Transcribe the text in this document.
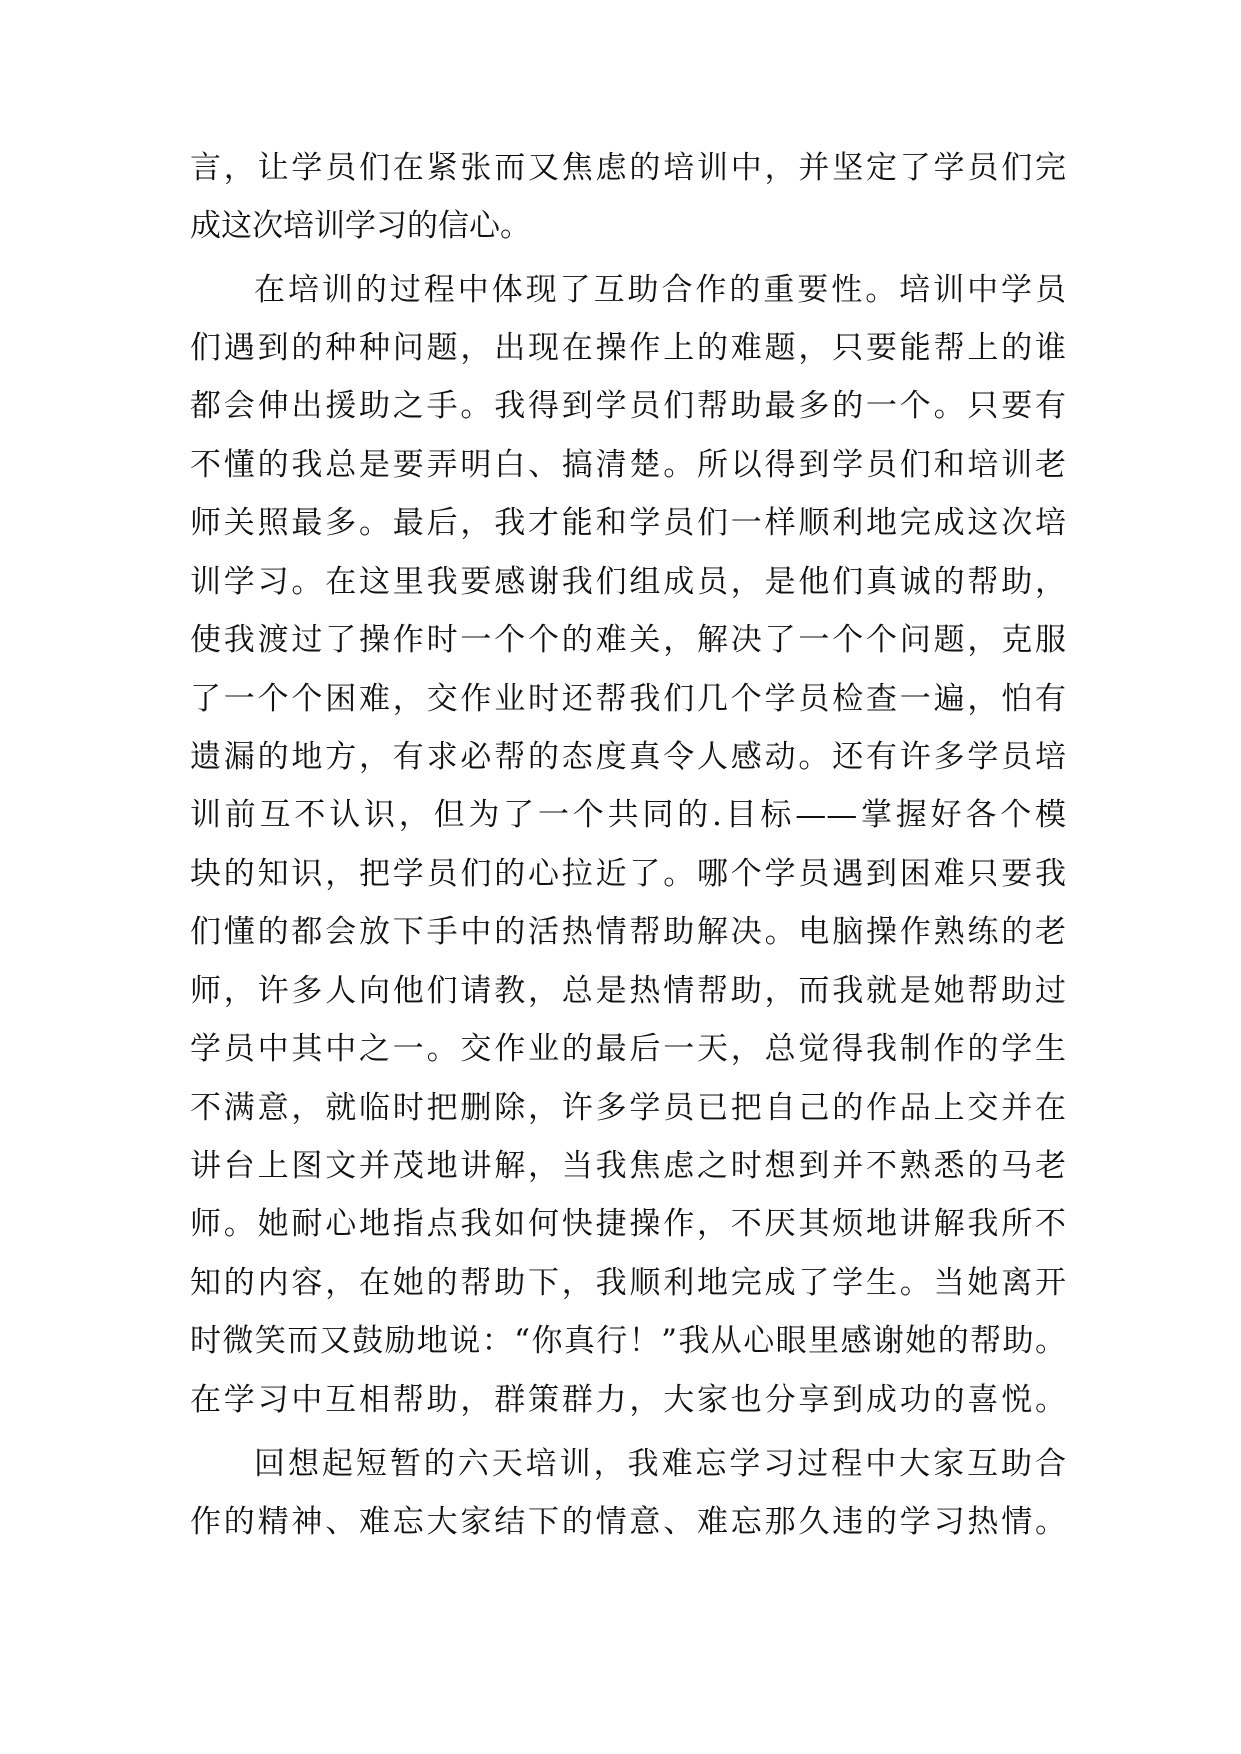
言，让学员们在紧张而又焦虑的培训中，并坚定了学员们完

成这次培训学习的信心。

在培训的过程中体现了互助合作的重要性。培训中学员

们遇到的种种问题，出现在操作上的难题，只要能帮上的谁

都会伸出援助之手。我得到学员们帮助最多的一个。只要有

不懂的我总是要弄明白、搞清楚。所以得到学员们和培训老

师关照最多。最后，我才能和学员们一样顺利地完成这次培

训学习。在这里我要感谢我们组成员，是他们真诚的帮助，

使我渡过了操作时一个个的难关，解决了一个个问题，克服

了一个个困难，交作业时还帮我们几个学员检查一遍，怕有

遗漏的地方，有求必帮的态度真令人感动。还有许多学员培

训前互不认识，但为了一个共同的.目标——掌握好各个模

块的知识，把学员们的心拉近了。哪个学员遇到困难只要我

们懂的都会放下手中的活热情帮助解决。电脑操作熟练的老

师，许多人向他们请教，总是热情帮助，而我就是她帮助过

学员中其中之一。交作业的最后一天，总觉得我制作的学生

不满意，就临时把删除，许多学员已把自己的作品上交并在

讲台上图文并茂地讲解，当我焦虑之时想到并不熟悉的马老

师。她耐心地指点我如何快捷操作，不厌其烦地讲解我所不

知的内容，在她的帮助下，我顺利地完成了学生。当她离开

时微笑而又鼓励地说：“你真行！”我从心眼里感谢她的帮助。

在学习中互相帮助，群策群力，大家也分享到成功的喜悦。

回想起短暂的六天培训，我难忘学习过程中大家互助合

作的精神、难忘大家结下的情意、难忘那久违的学习热情。
